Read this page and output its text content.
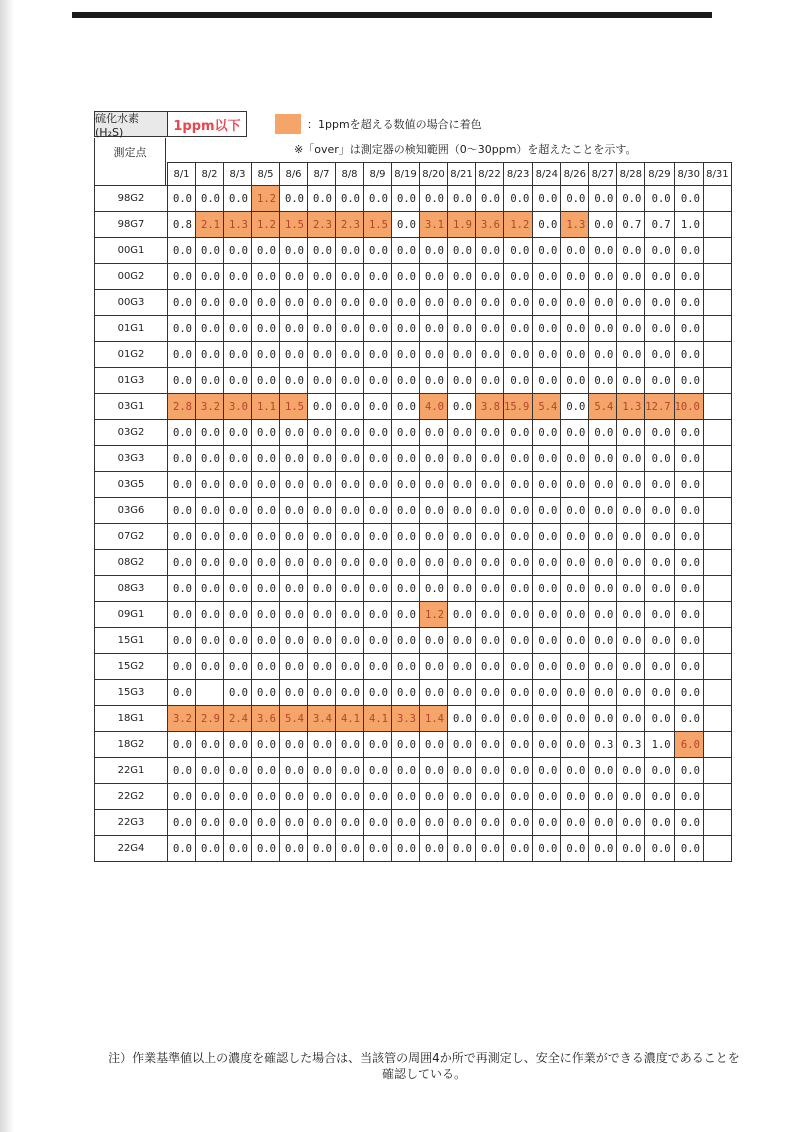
硫化水素(H₂S)	1ppm以下	：1ppmを超える数値の場合に着色
※「over」は測定器の検知範囲（0～30ppm）を超えたことを示す。
測定点
	8/1	8/2	8/3	8/5	8/6	8/7	8/8	8/9	8/19	8/20	8/21	8/22	8/23	8/24	8/26	8/27	8/28	8/29	8/30	8/31
98G2	0.0	0.0	0.0	1.2	0.0	0.0	0.0	0.0	0.0	0.0	0.0	0.0	0.0	0.0	0.0	0.0	0.0	0.0	0.0	
98G7	0.8	2.1	1.3	1.2	1.5	2.3	2.3	1.5	0.0	3.1	1.9	3.6	1.2	0.0	1.3	0.0	0.7	0.7	1.0	
00G1	0.0	0.0	0.0	0.0	0.0	0.0	0.0	0.0	0.0	0.0	0.0	0.0	0.0	0.0	0.0	0.0	0.0	0.0	0.0	
00G2	0.0	0.0	0.0	0.0	0.0	0.0	0.0	0.0	0.0	0.0	0.0	0.0	0.0	0.0	0.0	0.0	0.0	0.0	0.0	
00G3	0.0	0.0	0.0	0.0	0.0	0.0	0.0	0.0	0.0	0.0	0.0	0.0	0.0	0.0	0.0	0.0	0.0	0.0	0.0	
01G1	0.0	0.0	0.0	0.0	0.0	0.0	0.0	0.0	0.0	0.0	0.0	0.0	0.0	0.0	0.0	0.0	0.0	0.0	0.0	
01G2	0.0	0.0	0.0	0.0	0.0	0.0	0.0	0.0	0.0	0.0	0.0	0.0	0.0	0.0	0.0	0.0	0.0	0.0	0.0	
01G3	0.0	0.0	0.0	0.0	0.0	0.0	0.0	0.0	0.0	0.0	0.0	0.0	0.0	0.0	0.0	0.0	0.0	0.0	0.0	
03G1	2.8	3.2	3.0	1.1	1.5	0.0	0.0	0.0	0.0	4.0	0.0	3.8	15.9	5.4	0.0	5.4	1.3	12.7	10.0	
03G2	0.0	0.0	0.0	0.0	0.0	0.0	0.0	0.0	0.0	0.0	0.0	0.0	0.0	0.0	0.0	0.0	0.0	0.0	0.0	
03G3	0.0	0.0	0.0	0.0	0.0	0.0	0.0	0.0	0.0	0.0	0.0	0.0	0.0	0.0	0.0	0.0	0.0	0.0	0.0	
03G5	0.0	0.0	0.0	0.0	0.0	0.0	0.0	0.0	0.0	0.0	0.0	0.0	0.0	0.0	0.0	0.0	0.0	0.0	0.0	
03G6	0.0	0.0	0.0	0.0	0.0	0.0	0.0	0.0	0.0	0.0	0.0	0.0	0.0	0.0	0.0	0.0	0.0	0.0	0.0	
07G2	0.0	0.0	0.0	0.0	0.0	0.0	0.0	0.0	0.0	0.0	0.0	0.0	0.0	0.0	0.0	0.0	0.0	0.0	0.0	
08G2	0.0	0.0	0.0	0.0	0.0	0.0	0.0	0.0	0.0	0.0	0.0	0.0	0.0	0.0	0.0	0.0	0.0	0.0	0.0	
08G3	0.0	0.0	0.0	0.0	0.0	0.0	0.0	0.0	0.0	0.0	0.0	0.0	0.0	0.0	0.0	0.0	0.0	0.0	0.0	
09G1	0.0	0.0	0.0	0.0	0.0	0.0	0.0	0.0	0.0	1.2	0.0	0.0	0.0	0.0	0.0	0.0	0.0	0.0	0.0	
15G1	0.0	0.0	0.0	0.0	0.0	0.0	0.0	0.0	0.0	0.0	0.0	0.0	0.0	0.0	0.0	0.0	0.0	0.0	0.0	
15G2	0.0	0.0	0.0	0.0	0.0	0.0	0.0	0.0	0.0	0.0	0.0	0.0	0.0	0.0	0.0	0.0	0.0	0.0	0.0	
15G3	0.0		0.0	0.0	0.0	0.0	0.0	0.0	0.0	0.0	0.0	0.0	0.0	0.0	0.0	0.0	0.0	0.0	0.0	
18G1	3.2	2.9	2.4	3.6	5.4	3.4	4.1	4.1	3.3	1.4	0.0	0.0	0.0	0.0	0.0	0.0	0.0	0.0	0.0	
18G2	0.0	0.0	0.0	0.0	0.0	0.0	0.0	0.0	0.0	0.0	0.0	0.0	0.0	0.0	0.0	0.3	0.3	1.0	6.0	
22G1	0.0	0.0	0.0	0.0	0.0	0.0	0.0	0.0	0.0	0.0	0.0	0.0	0.0	0.0	0.0	0.0	0.0	0.0	0.0	
22G2	0.0	0.0	0.0	0.0	0.0	0.0	0.0	0.0	0.0	0.0	0.0	0.0	0.0	0.0	0.0	0.0	0.0	0.0	0.0	
22G3	0.0	0.0	0.0	0.0	0.0	0.0	0.0	0.0	0.0	0.0	0.0	0.0	0.0	0.0	0.0	0.0	0.0	0.0	0.0	
22G4	0.0	0.0	0.0	0.0	0.0	0.0	0.0	0.0	0.0	0.0	0.0	0.0	0.0	0.0	0.0	0.0	0.0	0.0	0.0	
注）作業基準値以上の濃度を確認した場合は、当該管の周囲4か所で再測定し、安全に作業ができる濃度であることを確認している。
